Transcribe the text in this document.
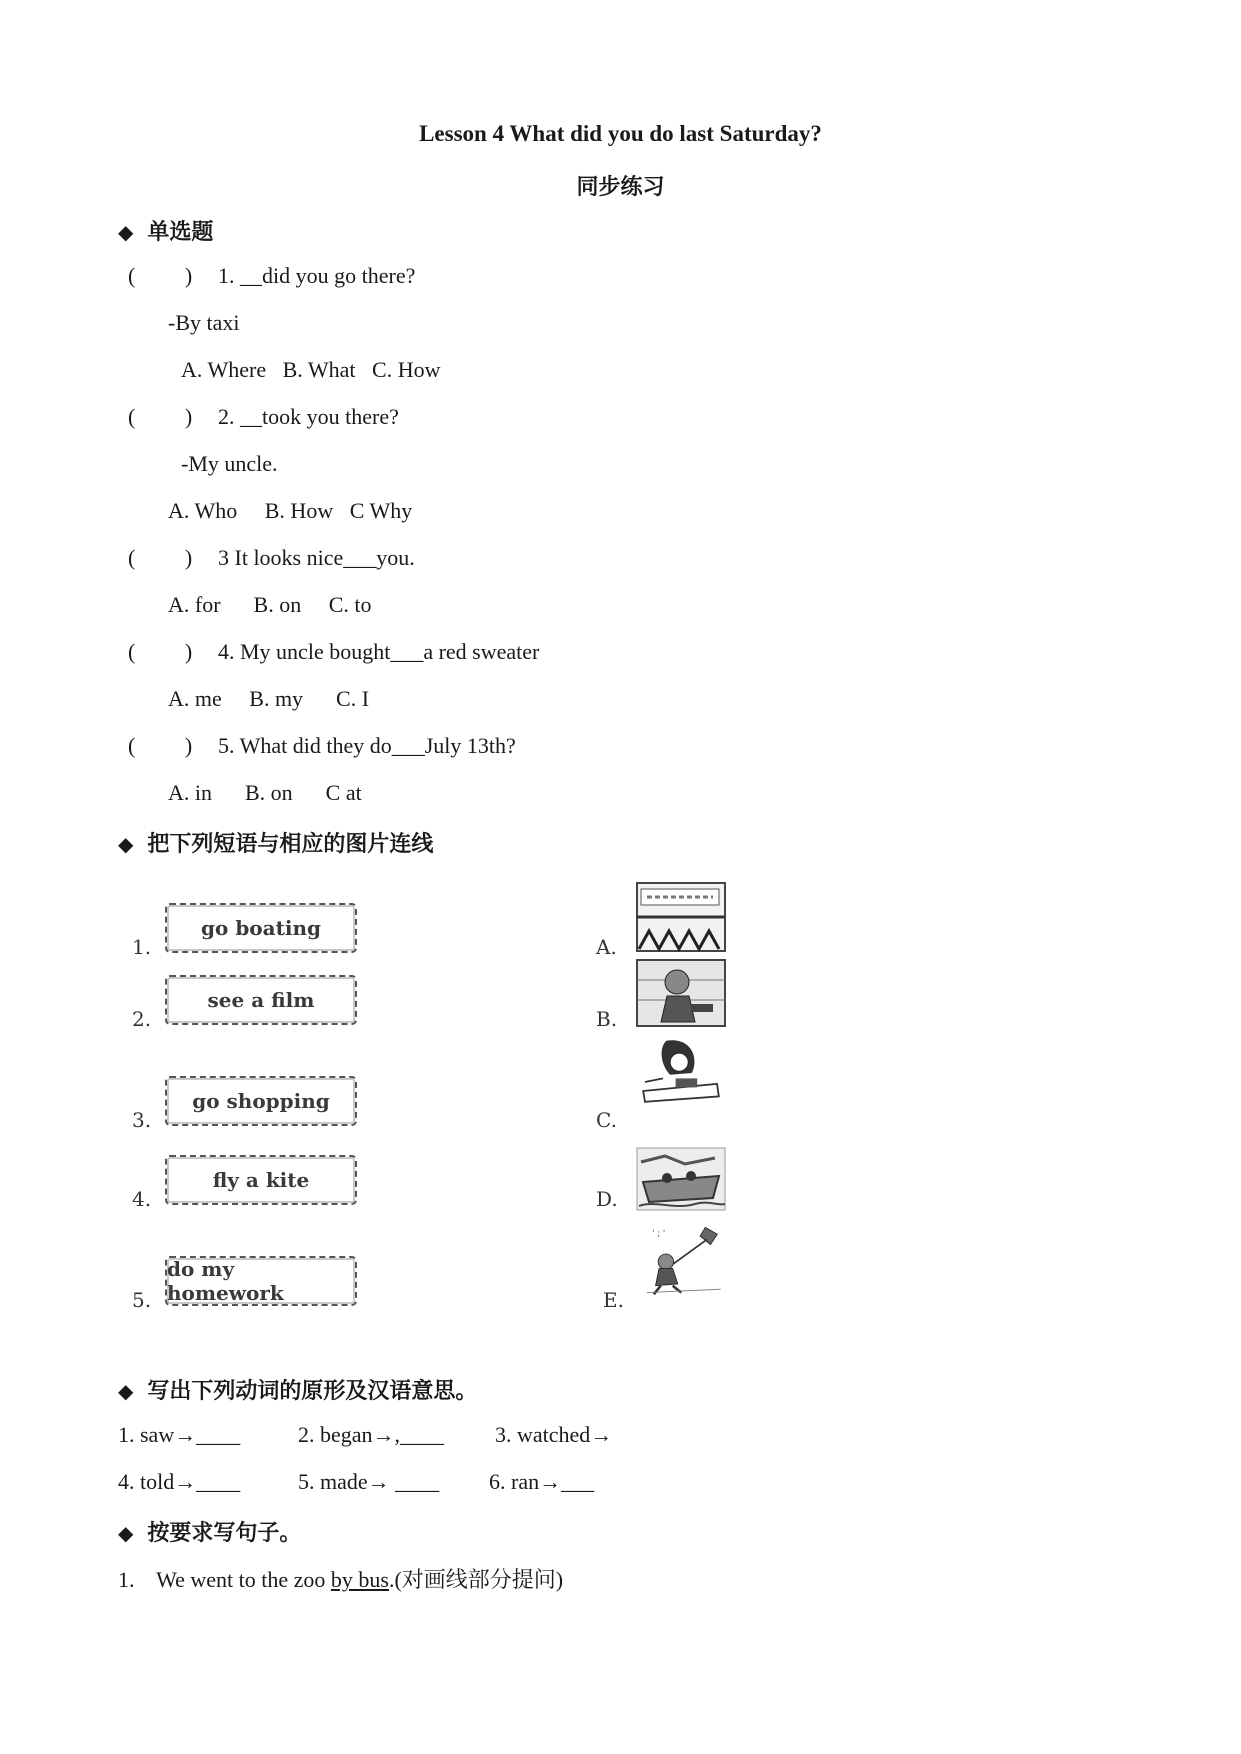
Lesson 4 What did you do last Saturday?
同步练习
◆ 单选题
(         ) 1. __did you go there?
-By taxi
A. Where   B. What   C. How
(         ) 2. __took you there?
-My uncle.
A. Who     B. How   C Why
(         ) 3 It looks nice___you.
A. for      B. on     C. to
(         ) 4. My uncle bought___a red sweater
A. me     B. my      C. I
(         ) 5. What did they do___July 13th?
A. in      B. on      C at
◆ 把下列短语与相应的图片连线
1.
2.
3.
4.
5.
go boating
see a film
go shopping
fly a kite
do my homework
A.
B.
C.
D.
E.
' ; '
◆ 写出下列动词的原形及汉语意思。
1. saw→____	2. began→,____ 3. watched→
4. told→____	5. made→ ____ 6. ran→___
◆ 按要求写句子。
1.    We went to the zoo by bus.(对画线部分提问)
